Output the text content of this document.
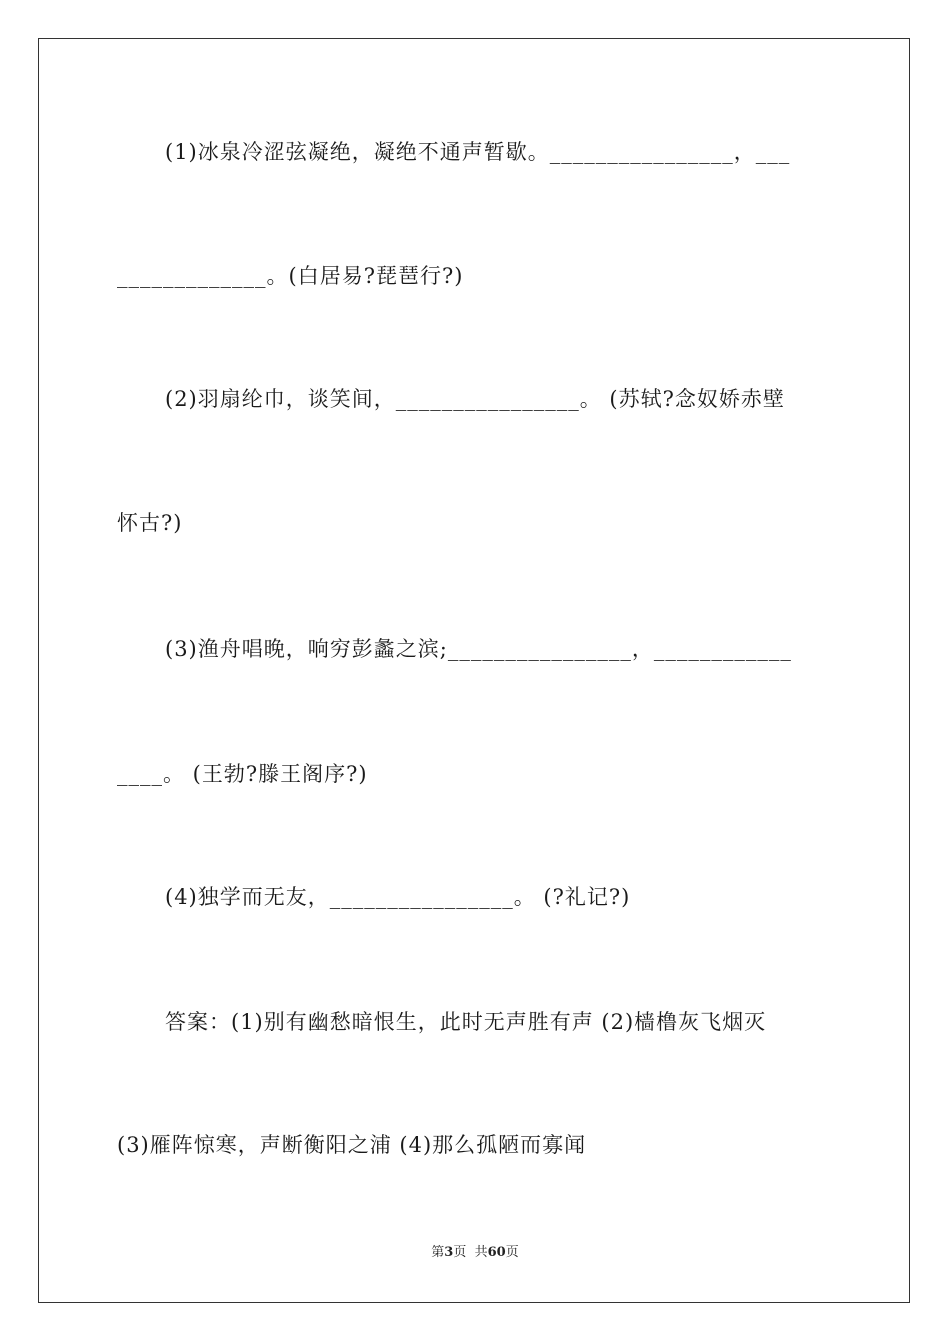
(1)冰泉冷涩弦凝绝，凝绝不通声暂歇。________________，___
_____________。(白居易?琵琶行?)
(2)羽扇纶巾，谈笑间，________________。 (苏轼?念奴娇赤壁
怀古?)
(3)渔舟唱晚，响穷彭蠡之滨;________________，____________
____。 (王勃?滕王阁序?)
(4)独学而无友，________________。 (?礼记?)
答案：(1)别有幽愁暗恨生，此时无声胜有声 (2)樯橹灰飞烟灭
(3)雁阵惊寒，声断衡阳之浦 (4)那么孤陋而寡闻
第3页  共60页
